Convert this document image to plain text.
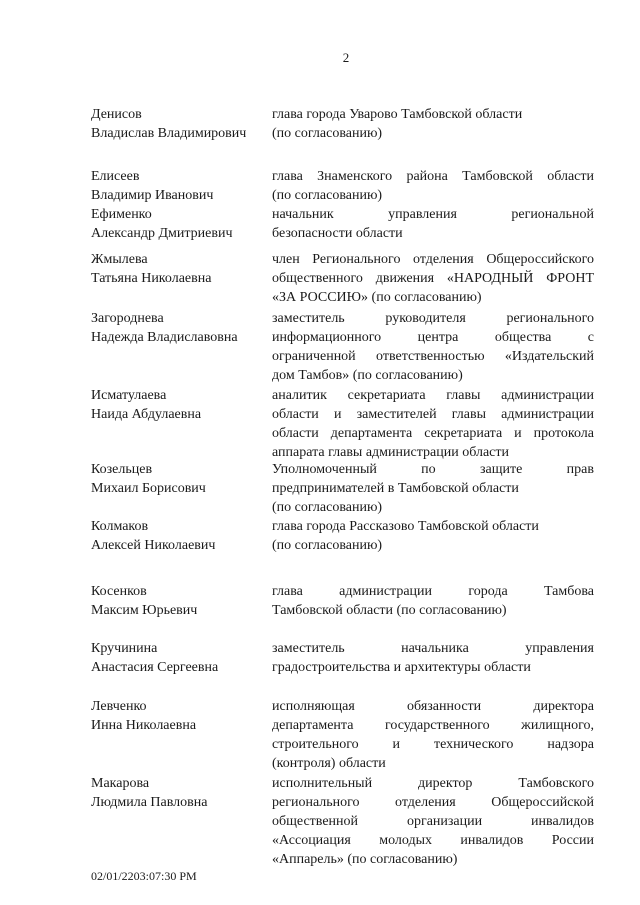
2
Денисов
Владислав Владимирович
глава города Уварово Тамбовской области
(по согласованию)
Елисеев
Владимир Иванович
глава Знаменского района Тамбовской области
(по согласованию)
Ефименко
Александр Дмитриевич
начальник управления региональной
безопасности области
Жмылева
Татьяна Николаевна
член Регионального отделения Общероссийского
общественного движения «НАРОДНЫЙ ФРОНТ
«ЗА РОССИЮ» (по согласованию)
Загороднева
Надежда Владиславовна
заместитель руководителя регионального
информационного центра общества с
ограниченной ответственностью «Издательский
дом Тамбов» (по согласованию)
Исматулаева
Наида Абдулаевна
аналитик секретариата главы администрации
области и заместителей главы администрации
области департамента секретариата и протокола
аппарата главы администрации области
Козельцев
Михаил Борисович
Уполномоченный по защите прав
предпринимателей в Тамбовской области
(по согласованию)
Колмаков
Алексей Николаевич
глава города Рассказово Тамбовской области
(по согласованию)
Косенков
Максим Юрьевич
глава администрации города Тамбова
Тамбовской области (по согласованию)
Кручинина
Анастасия Сергеевна
заместитель начальника управления
градостроительства и архитектуры области
Левченко
Инна Николаевна
исполняющая обязанности директора
департамента государственного жилищного,
строительного и технического надзора
(контроля) области
Макарова
Людмила Павловна
исполнительный директор Тамбовского
регионального отделения Общероссийской
общественной организации инвалидов
«Ассоциация молодых инвалидов России
«Аппарель» (по согласованию)
02/01/2203:07:30 PM
